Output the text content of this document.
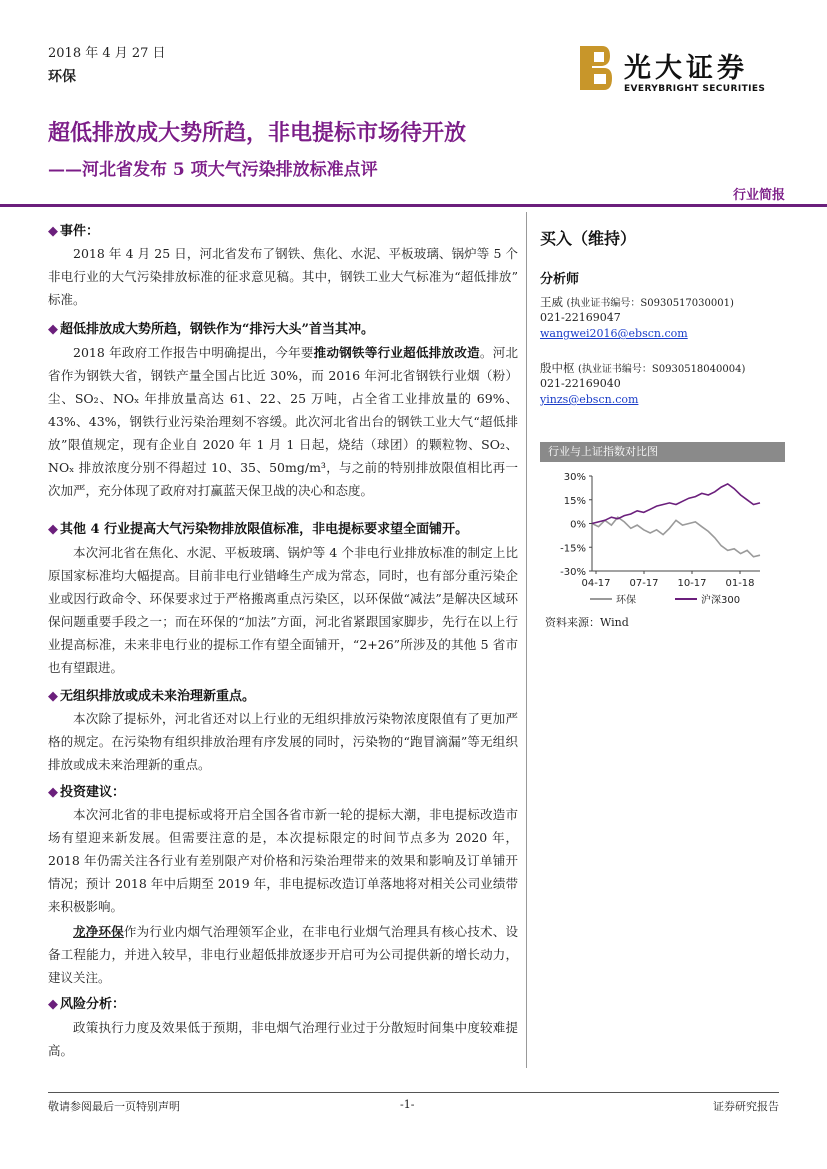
2018 年 4 月 27 日
环保	光大证券
EVERYBRIGHT SECURITIES
超低排放成大势所趋，非电提标市场待开放
——河北省发布 5 项大气污染排放标准点评
行业简报
◆ 事件：
2018 年 4 月 25 日，河北省发布了钢铁、焦化、水泥、平板玻璃、锅炉等 5 个非电行业的大气污染排放标准的征求意见稿。其中，钢铁工业大气标准为“超低排放” 标准。
◆ 超低排放成大势所趋，钢铁作为“排污大头”首当其冲。
2018 年政府工作报告中明确提出，今年要推动钢铁等行业超低排放改造。河北省作为钢铁大省，钢铁产量全国占比近 30%，而 2016 年河北省钢铁行业烟（粉）尘、SO₂、NOₓ 年排放量高达 61、22、25 万吨，占全省工业排放量的 69%、43%、43%，钢铁行业污染治理刻不容缓。此次河北省出台的钢铁工业大气“超低排放”限值规定，现有企业自 2020 年 1 月 1 日起，烧结（球团）的颗粒物、SO₂、NOₓ 排放浓度分别不得超过 10、35、50mg/m³，与之前的特别排放限值相比再一次加严，充分体现了政府对打赢蓝天保卫战的决心和态度。
◆ 其他 4 行业提高大气污染物排放限值标准，非电提标要求望全面铺开。
本次河北省在焦化、水泥、平板玻璃、锅炉等 4 个非电行业排放标准的制定上比原国家标准均大幅提高。目前非电行业错峰生产成为常态，同时，也有部分重污染企业或因行政命令、环保要求过于严格搬离重点污染区，以环保做“减法”是解决区域环保问题重要手段之一；而在环保的“加法”方面，河北省紧跟国家脚步，先行在以上行业提高标准，未来非电行业的提标工作有望全面铺开，“2+26”所涉及的其他 5 省市也有望跟进。
◆ 无组织排放或成未来治理新重点。
本次除了提标外，河北省还对以上行业的无组织排放污染物浓度限值有了更加严格的规定。在污染物有组织排放治理有序发展的同时，污染物的“跑冒滴漏”等无组织排放或成未来治理新的重点。
◆ 投资建议：
本次河北省的非电提标或将开启全国各省市新一轮的提标大潮，非电提标改造市场有望迎来新发展。但需要注意的是，本次提标限定的时间节点多为 2020 年，2018 年仍需关注各行业有差别限产对价格和污染治理带来的效果和影响及订单铺开情况；预计 2018 年中后期至 2019 年，非电提标改造订单落地将对相关公司业绩带来积极影响。
龙净环保作为行业内烟气治理领军企业，在非电行业烟气治理具有核心技术、设备工程能力，并进入较早，非电行业超低排放逐步开启可为公司提供新的增长动力，建议关注。
◆ 风险分析：
政策执行力度及效果低于预期，非电烟气治理行业过于分散短时间集中度较难提高。
买入（维持）
分析师
王威 (执业证书编号：S0930517030001)
021-22169047
wangwei2016@ebscn.com
殷中枢 (执业证书编号：S0930518040004)
021-22169040
yinzs@ebscn.com
行业与上证指数对比图
30%
15%
0%
-15%
-30%
04-17 07-17 10-17 01-18
环保	沪深300
资料来源：Wind
敬请参阅最后一页特别声明	-1-	证券研究报告
